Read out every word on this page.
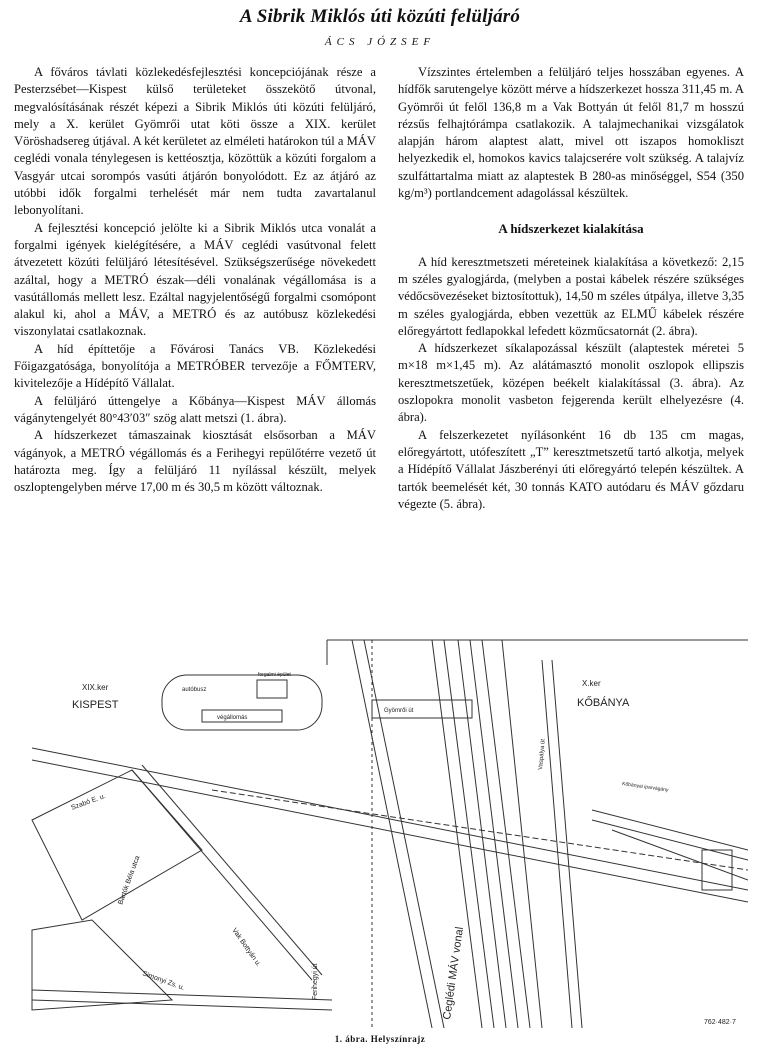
A Sibrik Miklós úti közúti felüljáró
ÁCS JÓZSEF

A főváros távlati közlekedésfejlesztési koncepciójának része a Pesterzsébet—Kispest külső területeket összekötő útvonal, megvalósításának részét képezi a Sibrik Miklós úti közúti felüljáró, mely a X. kerület Gyömrői utat köti össze a XIX. kerület Vöröshadsereg útjával. A két kerületet az elméleti határokon túl a MÁV ceglédi vonala ténylegesen is kettéosztja, közöttük a közúti forgalom a Vasgyár utcai sorompós vasúti átjárón bonyolódott. Ez az átjáró az utóbbi idők forgalmi terhelését már nem tudta zavartalanul lebonyolítani.

A fejlesztési koncepció jelölte ki a Sibrik Miklós utca vonalát a forgalmi igények kielégítésére, a MÁV ceglédi vasútvonal felett átvezetett közúti felüljáró létesítésével. Szükségszerűsége növekedett azáltal, hogy a METRÓ észak—déli vonalának végállomása is a vasútállomás mellett lesz. Ezáltal nagyjelentőségű forgalmi csomópont alakul ki, ahol a MÁV, a METRÓ és az autóbusz közlekedési viszonylatai csatlakoznak.

A híd építtetője a Fővárosi Tanács VB. Közlekedési Főigazgatósága, bonyolítója a METRÓBER tervezője a FŐMTERV, kivitelezője a Hídépítő Vállalat.

A felüljáró úttengelye a Kőbánya—Kispest MÁV állomás vágánytengelyét 80°43′03″ szög alatt metszi (1. ábra).

A hídszerkezet támaszainak kiosztását elsősorban a MÁV vágányok, a METRÓ végállomás és a Ferihegyi repülőtérre vezető út határozta meg. Így a felüljáró 11 nyílással készült, melyek oszloptengelyben mérve 17,00 m és 30,5 m között változnak.

Vízszintes értelemben a felüljáró teljes hosszában egyenes. A hídfők sarutengelye között mérve a hídszerkezet hossza 311,45 m. A Gyömrői út felől 136,8 m a Vak Bottyán út felől 81,7 m hosszú rézsűs felhajtórámpa csatlakozik. A talajmechanikai vizsgálatok alapján három alaptest alatt, mivel ott iszapos homokliszt helyezkedik el, homokos kavics talajcserére volt szükség. A talajvíz szulfáttartalma miatt az alaptestek B 280-as minőséggel, S54 (350 kg/m³) portlandcement adagolással készültek.

A hídszerkezet kialakítása

A híd keresztmetszeti méreteinek kialakítása a következő: 2,15 m széles gyalogjárda, (melyben a postai kábelek részére szükséges védőcsövezéseket biztosítottuk), 14,50 m széles útpálya, illetve 3,35 m széles gyalogjárda, ebben vezettük az ELMŰ kábelek részére előregyártott fedlapokkal lefedett közműcsatornát (2. ábra).

A hídszerkezet síkalapozással készült (alaptestek méretei 5 m×18 m×1,45 m). Az alátámasztó monolit oszlopok ellipszis keresztmetszetűek, középen beékelt kialakítással (3. ábra). Az oszlopokra monolit vasbeton fejgerenda került elhelyezésre (4. ábra).

A felszerkezetet nyílásonként 16 db 135 cm magas, előregyártott, utófeszített „T” keresztmetszetű tartó alkotja, melyek a Hídépítő Vállalat Jászberényi úti előregyártó telepén készültek. A tartók beemelését két, 30 tonnás KATO autódaru és MÁV gőzdaru végezte (5. ábra).

XIX.ker
KISPEST
X.ker
KŐBÁNYA
autóbusz
végállomás
forgalmi épület
Gyömrői út
Szabó E. u.
Bartók Béla utca
Vak Bottyán u.
Simonyi Zs. u.	Ferihegyi út	Ceglédi MÁV vonal
Vaspálya út
Kőbányai iparvágány
762·482·7
1. ábra. Helyszínrajz
